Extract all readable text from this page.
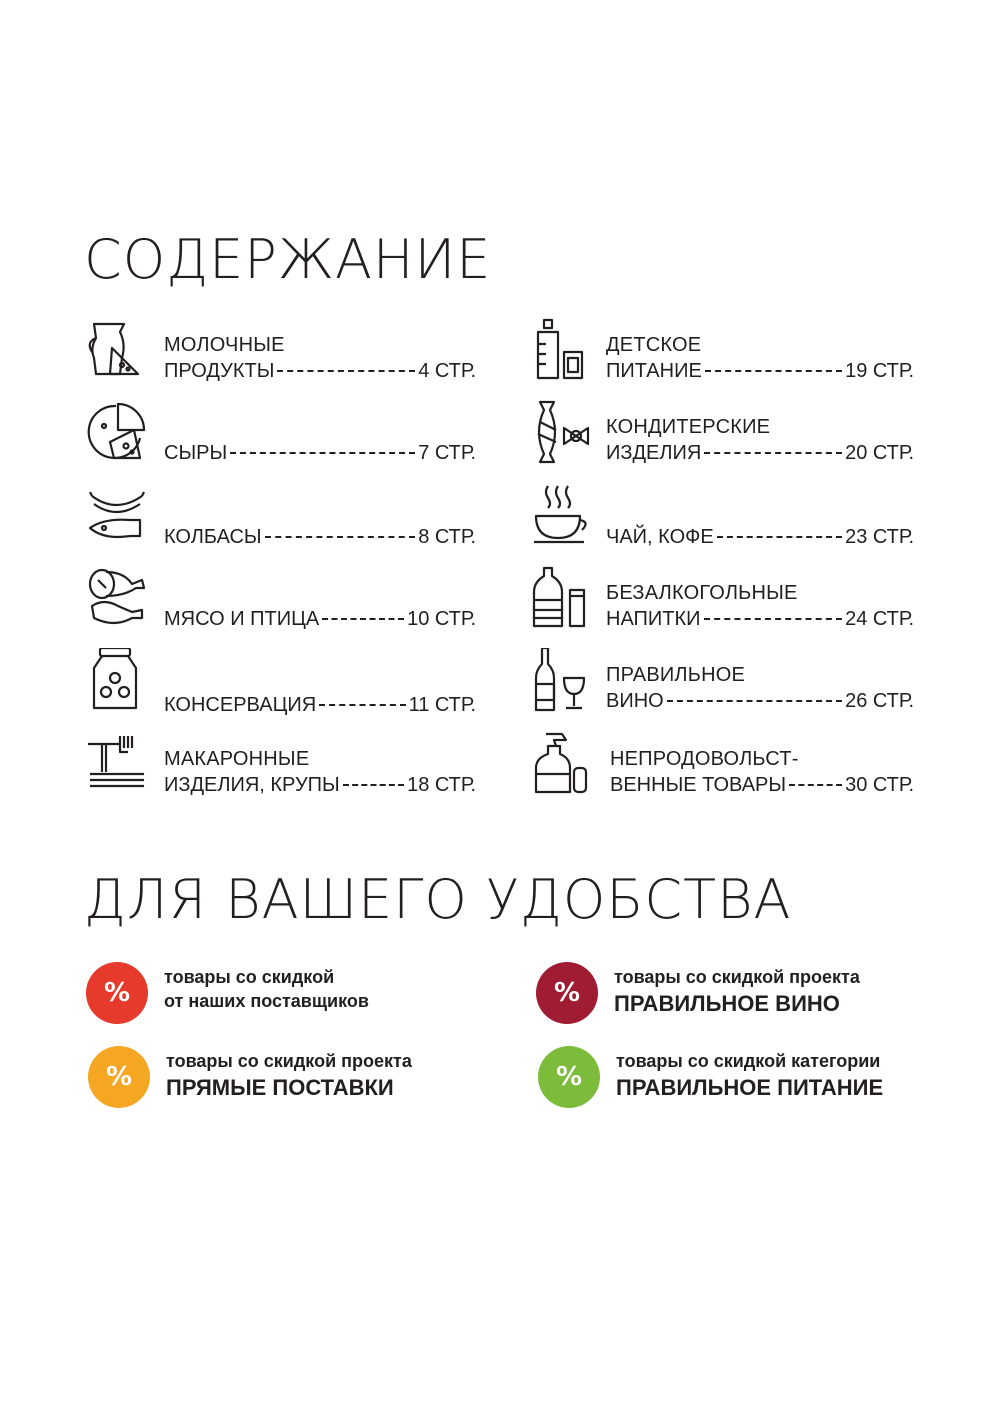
СОДЕРЖАНИЕ
МОЛОЧНЫЕ
ПРОДУКТЫ	4 СТР.
СЫРЫ	7 СТР.
КОЛБАСЫ	8 СТР.
МЯСО И ПТИЦА	10 СТР.
КОНСЕРВАЦИЯ	11 СТР.
МАКАРОННЫЕ
ИЗДЕЛИЯ, КРУПЫ	18 СТР.
ДЕТСКОЕ
ПИТАНИЕ	19 СТР.
КОНДИТЕРСКИЕ
ИЗДЕЛИЯ	20 СТР.
ЧАЙ, КОФЕ	23 СТР.
БЕЗАЛКОГОЛЬНЫЕ
НАПИТКИ	24 СТР.
ПРАВИЛЬНОЕ
ВИНО	26 СТР.
НЕПРОДОВОЛЬСТ-
ВЕННЫЕ ТОВАРЫ	30 СТР.
ДЛЯ ВАШЕГО УДОБСТВА
%
товары со скидкой
от наших поставщиков	%
товары со скидкой проекта
ПРАВИЛЬНОЕ ВИНО
%
товары со скидкой проекта
ПРЯМЫЕ ПОСТАВКИ	%
товары со скидкой категории
ПРАВИЛЬНОЕ ПИТАНИЕ
